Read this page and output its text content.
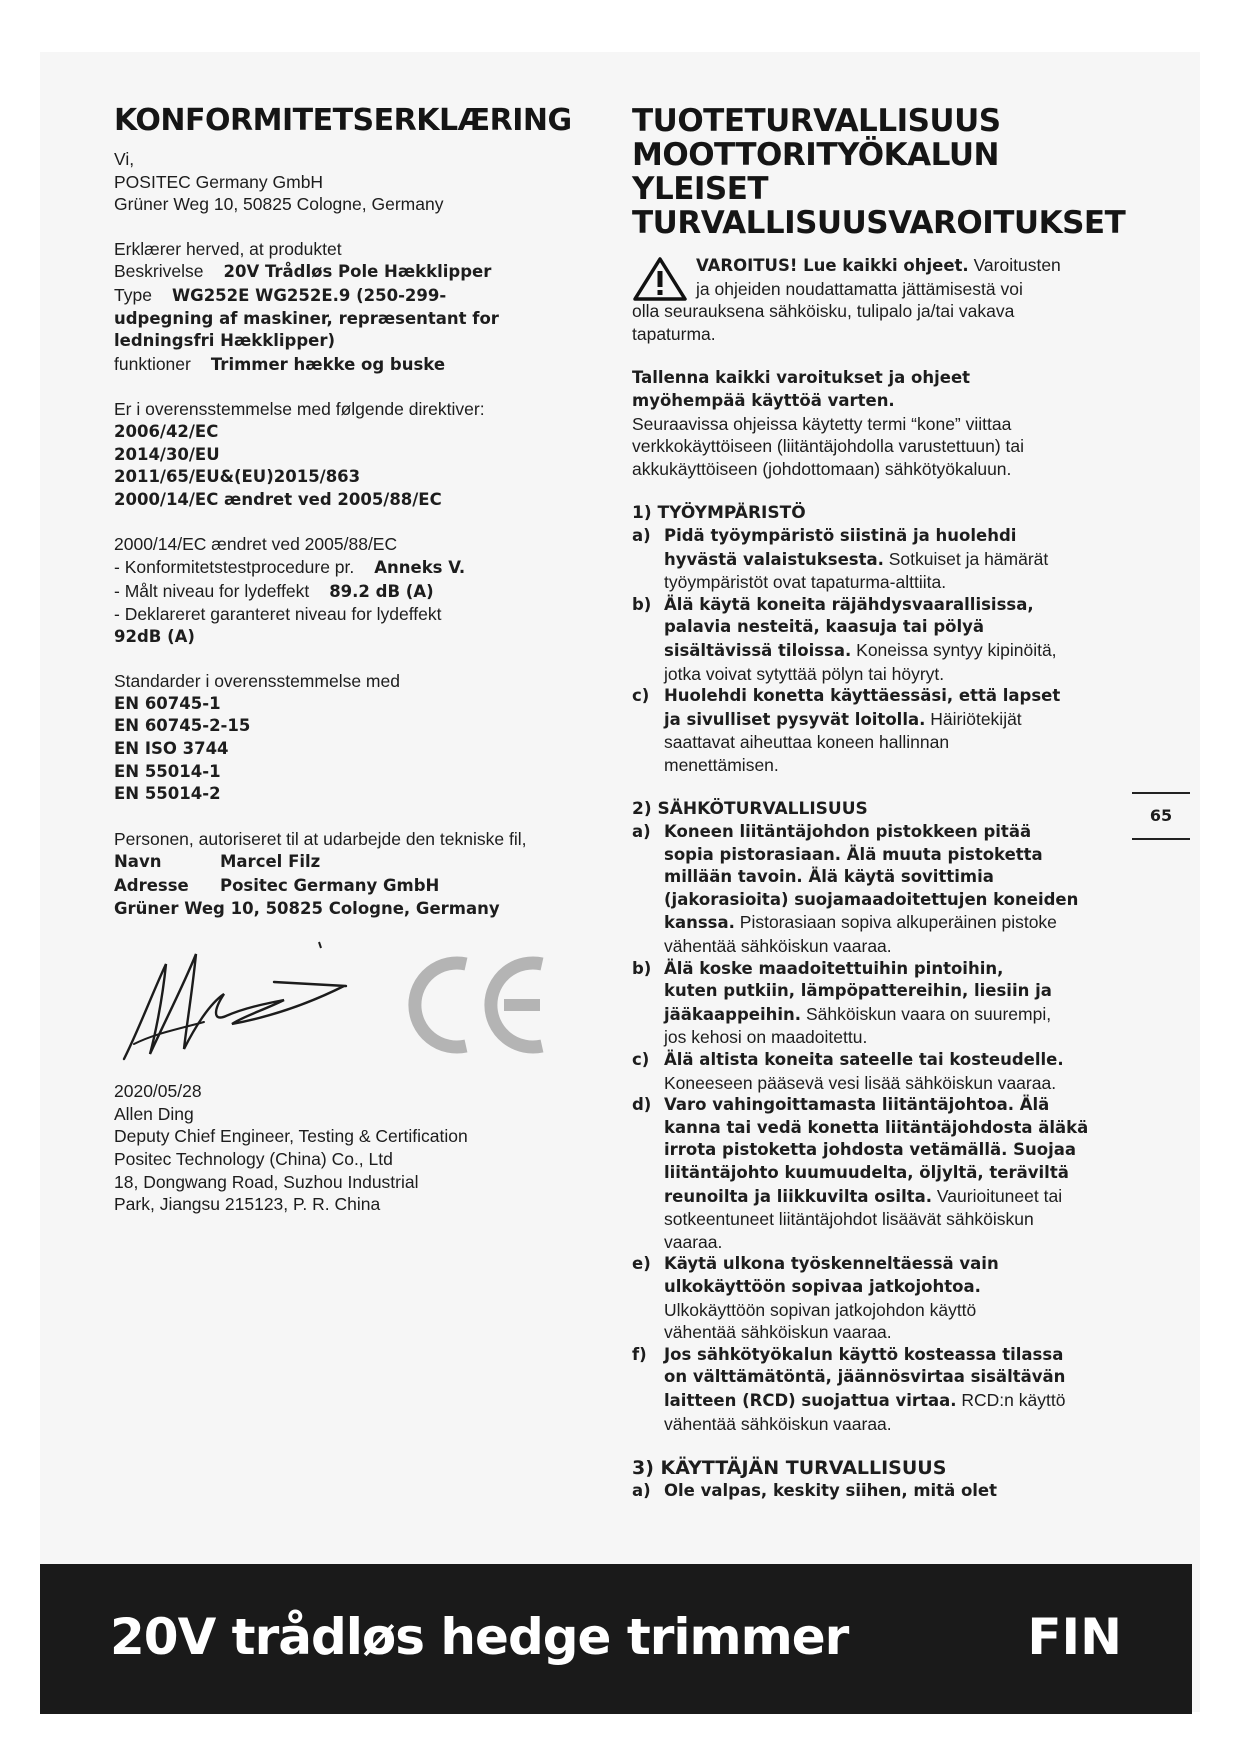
KONFORMITETSERKLÆRING
Vi,
POSITEC Germany GmbH
Grüner Weg 10, 50825 Cologne, Germany
Erklærer herved, at produktet
Beskrivelse 20V Trådløs Pole Hækklipper
Type WG252E WG252E.9 (250-299-
udpegning af maskiner, repræsentant for
ledningsfri Hækklipper)
funktioner Trimmer hække og buske
Er i overensstemmelse med følgende direktiver:
2006/42/EC
2014/30/EU
2011/65/EU&(EU)2015/863
2000/14/EC ændret ved 2005/88/EC
2000/14/EC ændret ved 2005/88/EC
- Konformitetstestprocedure pr. Anneks V.
- Målt niveau for lydeffekt 89.2 dB (A)
- Deklareret garanteret niveau for lydeffekt
92dB (A)
Standarder i overensstemmelse med
EN 60745-1
EN 60745-2-15
EN ISO 3744
EN 55014-1
EN 55014-2
Personen, autoriseret til at udarbejde den tekniske fil,
Navn	Marcel Filz
Adresse Positec Germany GmbH
Grüner Weg 10, 50825 Cologne, Germany
2020/05/28
Allen Ding
Deputy Chief Engineer, Testing & Certification
Positec Technology (China) Co., Ltd
18, Dongwang Road, Suzhou Industrial
Park, Jiangsu 215123, P. R. China
TUOTETURVALLISUUS
MOOTTORITYÖKALUN
YLEISET
TURVALLISUUSVAROITUKSET
VAROITUS! Lue kaikki ohjeet. Varoitusten
ja ohjeiden noudattamatta jättämisestä voi
olla seurauksena sähköisku, tulipalo ja/tai vakava
tapaturma.
Tallenna kaikki varoitukset ja ohjeet
myöhempää käyttöä varten.
Seuraavissa ohjeissa käytetty termi “kone” viittaa
verkkokäyttöiseen (liitäntäjohdolla varustettuun) tai
akkukäyttöiseen (johdottomaan) sähkötyökaluun.
1) TYÖYMPÄRISTÖ
a) Pidä työympäristö siistinä ja huolehdi
hyvästä valaistuksesta. Sotkuiset ja hämärät
työympäristöt ovat tapaturma-alttiita.
b) Älä käytä koneita räjähdysvaarallisissa,
palavia nesteitä, kaasuja tai pölyä
sisältävissä tiloissa. Koneissa syntyy kipinöitä,
jotka voivat sytyttää pölyn tai höyryt.
c) Huolehdi konetta käyttäessäsi, että lapset
ja sivulliset pysyvät loitolla. Häiriötekijät
saattavat aiheuttaa koneen hallinnan
menettämisen.
2) SÄHKÖTURVALLISUUS
a) Koneen liitäntäjohdon pistokkeen pitää
sopia pistorasiaan. Älä muuta pistoketta
millään tavoin. Älä käytä sovittimia
(jakorasioita) suojamaadoitettujen koneiden
kanssa. Pistorasiaan sopiva alkuperäinen pistoke
vähentää sähköiskun vaaraa.
b) Älä koske maadoitettuihin pintoihin,
kuten putkiin, lämpöpattereihin, liesiin ja
jääkaappeihin. Sähköiskun vaara on suurempi,
jos kehosi on maadoitettu.
c) Älä altista koneita sateelle tai kosteudelle.
Koneeseen pääsevä vesi lisää sähköiskun vaaraa.
d) Varo vahingoittamasta liitäntäjohtoa. Älä
kanna tai vedä konetta liitäntäjohdosta äläkä
irrota pistoketta johdosta vetämällä. Suojaa
liitäntäjohto kuumuudelta, öljyltä, teräviltä
reunoilta ja liikkuvilta osilta. Vaurioituneet tai
sotkeentuneet liitäntäjohdot lisäävät sähköiskun
vaaraa.
e) Käytä ulkona työskenneltäessä vain
ulkokäyttöön sopivaa jatkojohtoa.
Ulkokäyttöön sopivan jatkojohdon käyttö
vähentää sähköiskun vaaraa.
f) Jos sähkötyökalun käyttö kosteassa tilassa
on välttämätöntä, jäännösvirtaa sisältävän
laitteen (RCD) suojattua virtaa. RCD:n käyttö
vähentää sähköiskun vaaraa.
3) KÄYTTÄJÄN TURVALLISUUS
a) Ole valpas, keskity siihen, mitä olet
65
20V trådløs hedge trimmer	FIN
